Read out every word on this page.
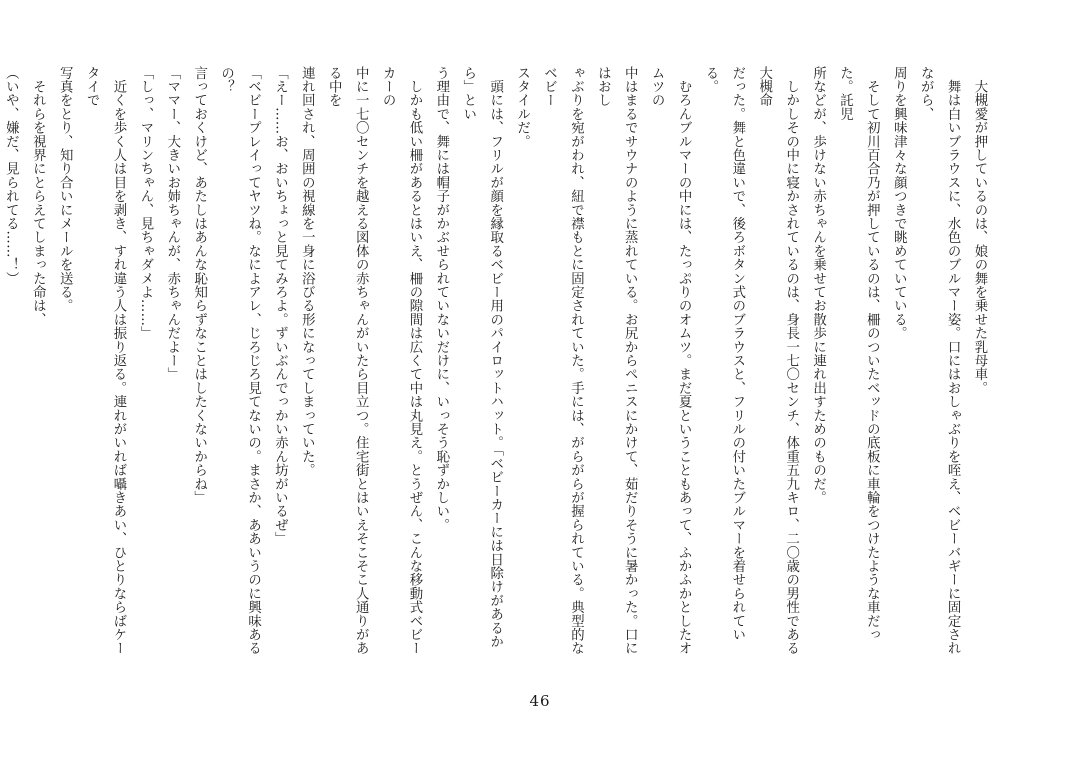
　大槻愛が押しているのは、娘の舞を乗せた乳母車。

　舞は白いブラウスに、水色のブルマー姿。口にはおしゃぶりを咥え、ベビーバギーに固定されながら、

周りを興味津々な顔つきで眺めていている。

　そして初川百合乃が押しているのは、柵のついたベッドの底板に車輪をつけたような車だった。託児

所などが、歩けない赤ちゃんを乗せてお散歩に連れ出すためのものだ。

　しかしその中に寝かされているのは、身長一七〇センチ、体重五九キロ、二〇歳の男性である大槻命

だった。舞と色違いで、後ろボタン式のブラウスと、フリルの付いたブルマーを着せられている。

　むろんブルマーの中には、たっぷりのオムツ。まだ夏ということもあって、ふかふかとしたオムツの

中はまるでサウナのように蒸れている。お尻からペニスにかけて、茹だりそうに暑かった。口にはおし

ゃぶりを宛がわれ、紐で襟もとに固定されていた。手には、がらがらが握られている。典型的なベビー

スタイルだ。

　頭には、フリルが顔を縁取るベビー用のパイロットハット。「ベビーカーには日除けがあるから」とい

う理由で、舞には帽子がかぶせられていないだけに、いっそう恥ずかしい。

　しかも低い柵があるとはいえ、柵の隙間は広くて中は丸見え。とうぜん、こんな移動式ベビーカーの

中に一七〇センチを越える図体の赤ちゃんがいたら目立つ。住宅街とはいえそこそこ人通りがある中を

連れ回され、周囲の視線を一身に浴びる形になってしまっていた。

「えー……お、おいちょっと見てみろよ。ずいぶんでっかい赤ん坊がいるぜ」

「ベビープレイってヤツね。なによアレ、じろじろ見てないの。まさか、ああいうのに興味あるの？

言っておくけど、あたしはあんな恥知らずなことはしたくないからね」

「ママー、大きいお姉ちゃんが、赤ちゃんだよー」

「しっ、マリンちゃん、見ちゃダメよ……」

　近くを歩く人は目を剥き、すれ違う人は振り返る。連れがいれば囁きあい、ひとりならばケータイで

写真をとり、知り合いにメールを送る。

　それらを視界にとらえてしまった命は、

（いや、嫌だ、見られてる……！）

46
